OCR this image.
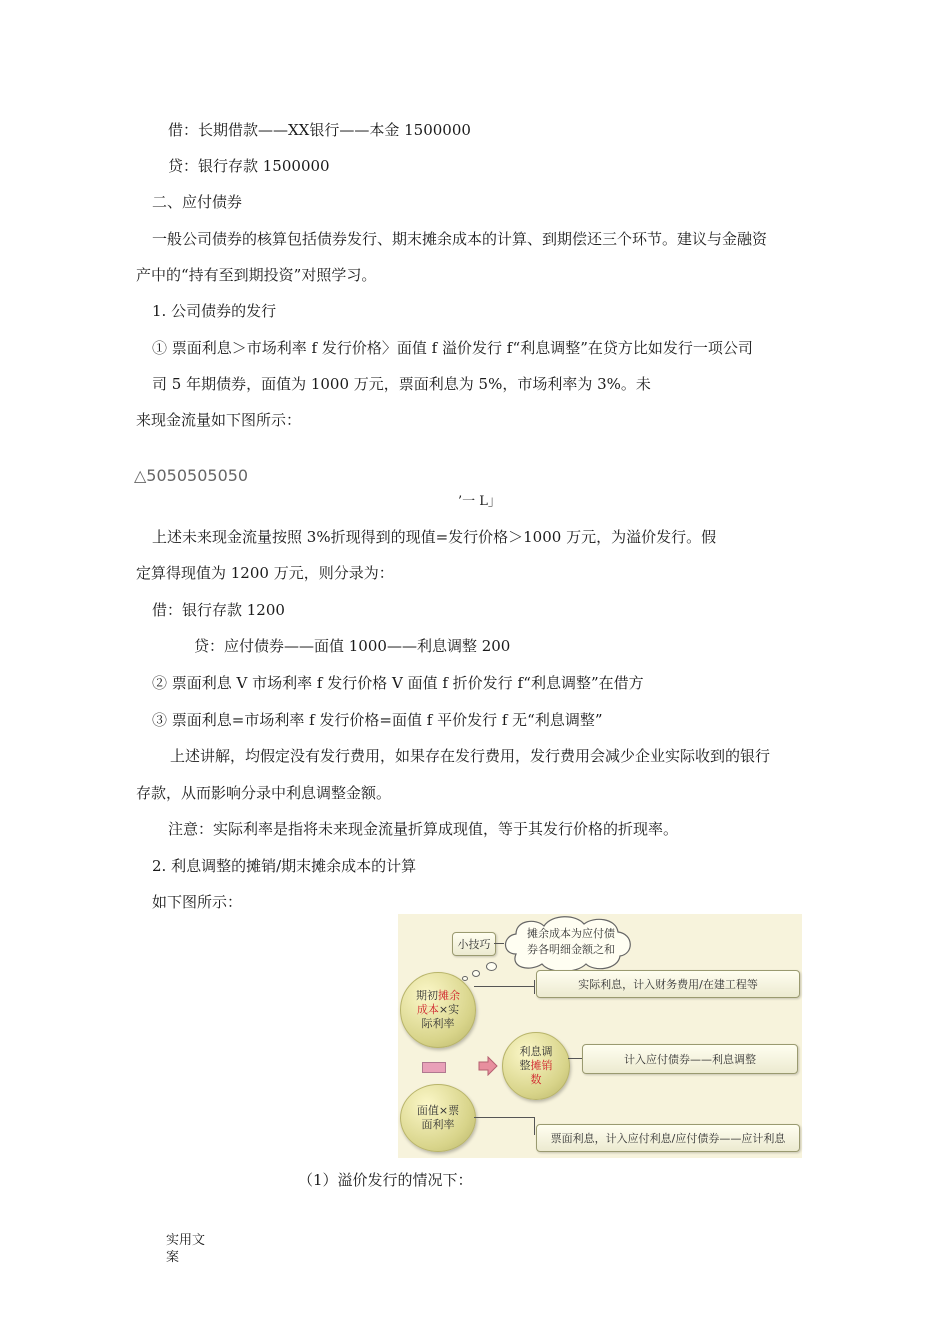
借：长期借款——XX银行——本金 1500000
贷：银行存款 1500000
二、应付债券
一般公司债券的核算包括债券发行、期末摊余成本的计算、到期偿还三个环节。建议与金融资
产中的“持有至到期投资”对照学习。
1. 公司债券的发行
① 票面利息＞市场利率 f 发行价格〉面值 f 溢价发行 f“利息调整”在贷方比如发行一项公司
司 5 年期债券，面值为 1000 万元，票面利息为 5%，市场利率为 3%。未
来现金流量如下图所示：
△5050505050
’一 L」
上述未来现金流量按照 3%折现得到的现值=发行价格＞1000 万元，为溢价发行。假
定算得现值为 1200 万元，则分录为：
借：银行存款 1200
贷：应付债券——面值 1000——利息调整 200
② 票面利息 V 市场利率 f 发行价格 V 面值 f 折价发行 f“利息调整”在借方
③ 票面利息=市场利率 f 发行价格=面值 f 平价发行 f 无“利息调整”
上述讲解，均假定没有发行费用，如果存在发行费用，发行费用会减少企业实际收到的银行
存款，从而影响分录中利息调整金额。
注意：实际利率是指将未来现金流量折算成现值，等于其发行价格的折现率。
2. 利息调整的摊销/期末摊余成本的计算
如下图所示：
小技巧
摊余成本为应付债
券各明细金额之和
期初摊余
成本×实
际利率
实际利息，计入财务费用/在建工程等
利息调
整摊销
数
计入应付债券——利息调整
面值×票
面利率
票面利息，计入应付利息/应付债券——应计利息
（1）溢价发行的情况下：
实用文
案
